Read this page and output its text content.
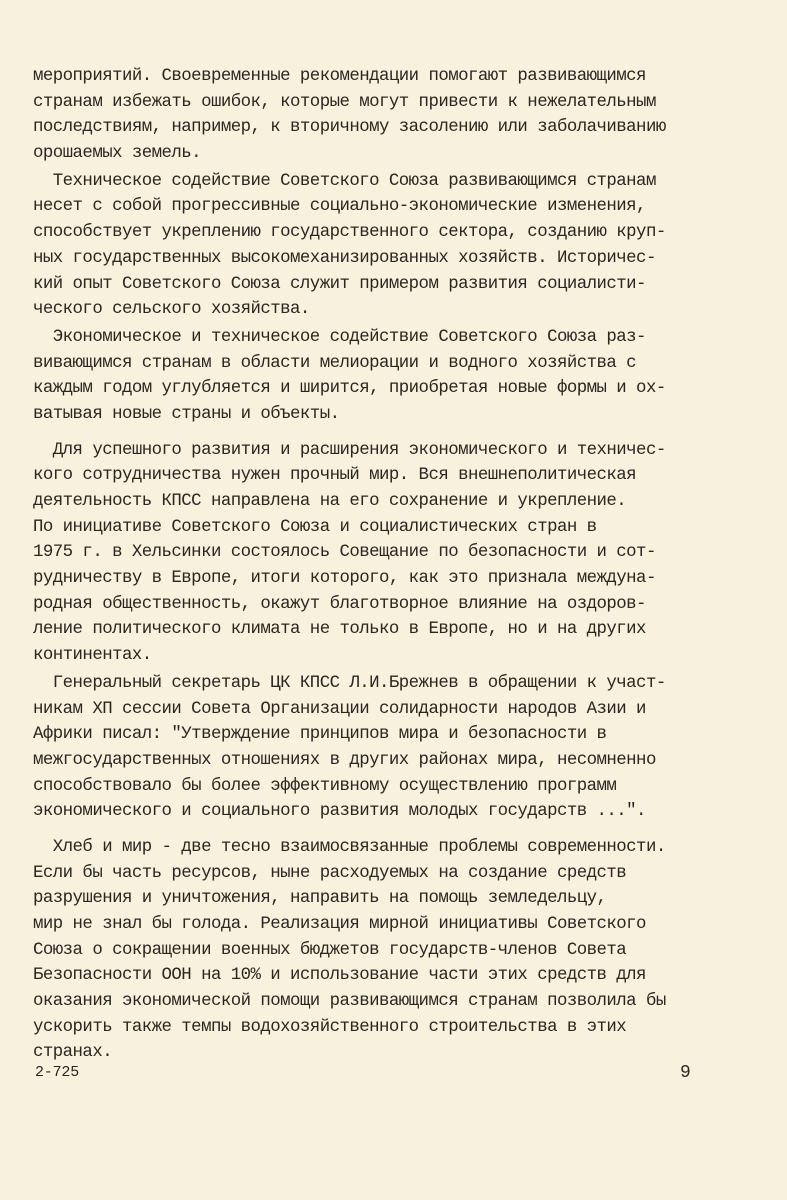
мероприятий. Своевременные рекомендации помогают развивающимся
странам избежать ошибок, которые могут привести к нежелательным
последствиям, например, к вторичному засолению или заболачиванию
орошаемых земель.
Техническое содействие Советского Союза развивающимся странам
несет с собой прогрессивные социально-экономические изменения,
способствует укреплению государственного сектора, созданию круп-
ных государственных высокомеханизированных хозяйств. Историчес-
кий опыт Советского Союза служит примером развития социалисти-
ческого сельского хозяйства.
Экономическое и техническое содействие Советского Союза раз-
вивающимся странам в области мелиорации и водного хозяйства с
каждым годом углубляется и ширится, приобретая новые формы и ох-
ватывая новые страны и объекты.
Для успешного развития и расширения экономического и техничес-
кого сотрудничества нужен прочный мир. Вся внешнеполитическая
деятельность КПСС направлена на его сохранение и укрепление.
По инициативе Советского Союза и социалистических стран в
1975 г. в Хельсинки состоялось Совещание по безопасности и сот-
рудничеству в Европе, итоги которого, как это признала междуна-
родная общественность, окажут благотворное влияние на оздоров-
ление политического климата не только в Европе, но и на других
континентах.
Генеральный секретарь ЦК КПСС Л.И.Брежнев в обращении к участ-
никам XП сессии Совета Организации солидарности народов Азии и
Африки писал: "Утверждение принципов мира и безопасности в
межгосударственных отношениях в других районах мира, несомненно
способствовало бы более эффективному осуществлению программ
экономического и социального развития молодых государств ...".
Хлеб и мир - две тесно взаимосвязанные проблемы современности.
Если бы часть ресурсов, ныне расходуемых на создание средств
разрушения и уничтожения, направить на помощь земледельцу,
мир не знал бы голода. Реализация мирной инициативы Советского
Союза о сокращении военных бюджетов государств-членов Совета
Безопасности ООН на 10% и использование части этих средств для
оказания экономической помощи развивающимся странам позволила бы
ускорить также темпы водохозяйственного строительства в этих
странах.
2-725	9
